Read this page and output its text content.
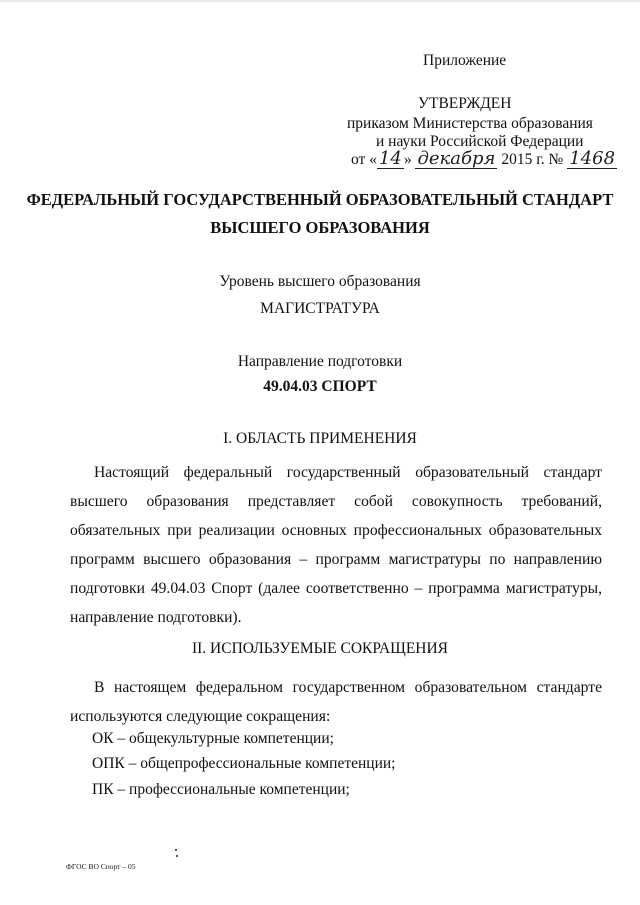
Приложение
УТВЕРЖДЕН
приказом Министерства образования
и науки Российской Федерации
от « 14 » декабря 2015 г. № 1468
ФЕДЕРАЛЬНЫЙ ГОСУДАРСТВЕННЫЙ ОБРАЗОВАТЕЛЬНЫЙ СТАНДАРТ
ВЫСШЕГО ОБРАЗОВАНИЯ
Уровень высшего образования
МАГИСТРАТУРА
Направление подготовки
49.04.03 СПОРТ
I. ОБЛАСТЬ ПРИМЕНЕНИЯ
Настоящий федеральный государственный образовательный стандарт высшего образования представляет собой совокупность требований, обязательных при реализации основных профессиональных образовательных программ высшего образования – программ магистратуры по направлению подготовки 49.04.03 Спорт (далее соответственно – программа магистратуры, направление подготовки).
II. ИСПОЛЬЗУЕМЫЕ СОКРАЩЕНИЯ
В настоящем федеральном государственном образовательном стандарте используются следующие сокращения:
ОК – общекультурные компетенции;
ОПК – общепрофессиональные компетенции;
ПК – профессиональные компетенции;
ФГОС ВО Спорт – 05
